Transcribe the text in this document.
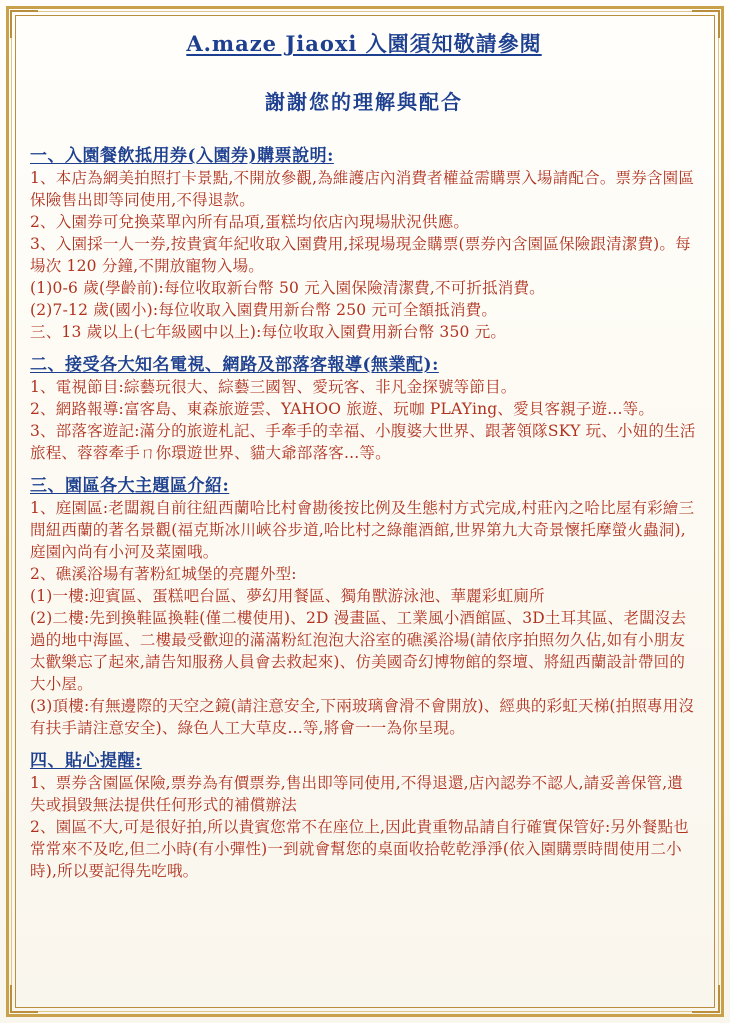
A.maze Jiaoxi 入園須知敬請參閱
謝謝您的理解與配合
一、入園餐飲抵用券(入園券)購票說明:
1、本店為網美拍照打卡景點,不開放參觀,為維護店內消費者權益需購票入場請配合。票券含園區保險售出即等同使用,不得退款。
2、入園券可兌換菜單內所有品項,蛋糕均依店內現場狀況供應。
3、入園採一人一券,按貴賓年紀收取入園費用,採現場現金購票(票券內含園區保險跟清潔費)。每場次 120 分鐘,不開放寵物入場。
(1)0-6 歲(學齡前):每位收取新台幣 50 元入園保險清潔費,不可折抵消費。
(2)7-12 歲(國小):每位收取入園費用新台幣 250 元可全額抵消費。
三、13 歲以上(七年級國中以上):每位收取入園費用新台幣 350 元。
二、接受各大知名電視、網路及部落客報導(無業配):
1、電視節目:綜藝玩很大、綜藝三國智、愛玩客、非凡金探號等節目。
2、網路報導:富客島、東森旅遊雲、YAHOO 旅遊、玩咖 PLAYing、愛貝客親子遊...等。
3、部落客遊記:滿分的旅遊札記、手牽手的幸福、小腹婆大世界、跟著領隊SKY 玩、小妞的生活旅程、蓉蓉牽手ㄇ你環遊世界、貓大爺部落客...等。
三、園區各大主題區介紹:
1、庭園區:老闆親自前往紐西蘭哈比村會勘後按比例及生態村方式完成,村莊內之哈比屋有彩繪三間紐西蘭的著名景觀(福克斯冰川峽谷步道,哈比村之綠龍酒館,世界第九大奇景懷托摩螢火蟲洞),庭園內尚有小河及菜園哦。
2、礁溪浴場有著粉紅城堡的亮麗外型:
(1)一樓:迎賓區、蛋糕吧台區、夢幻用餐區、獨角獸游泳池、華麗彩虹廁所
(2)二樓:先到換鞋區換鞋(僅二樓使用)、2D 漫畫區、工業風小酒館區、3D土耳其區、老闆沒去過的地中海區、二樓最受歡迎的滿滿粉紅泡泡大浴室的礁溪浴場(請依序拍照勿久佔,如有小朋友太歡樂忘了起來,請告知服務人員會去救起來)、仿美國奇幻博物館的祭壇、將紐西蘭設計帶回的大小屋。
(3)頂樓:有無邊際的天空之鏡(請注意安全,下兩玻璃會滑不會開放)、經典的彩虹天梯(拍照專用沒有扶手請注意安全)、綠色人工大草皮...等,將會一一為你呈現。
四、貼心提醒:
1、票券含園區保險,票券為有價票券,售出即等同使用,不得退還,店內認券不認人,請妥善保管,遺失或損毀無法提供任何形式的補償辦法
2、園區不大,可是很好拍,所以貴賓您常不在座位上,因此貴重物品請自行確實保管好:另外餐點也常常來不及吃,但二小時(有小彈性)一到就會幫您的桌面收拾乾乾淨淨(依入園購票時間使用二小時),所以要記得先吃哦。
